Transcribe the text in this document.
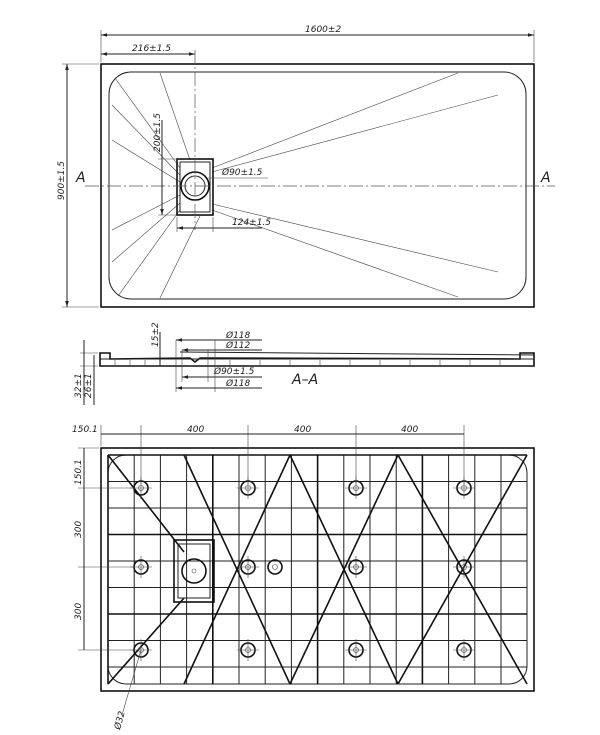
A	A
1600±2
216±1.5
900±1.5
200±1.5
Ø90±1.5
124±1.5
Ø118
Ø112
Ø90±1.5
Ø118
15±2
32±1 26±1	A–A
150.1	400	400	400
150.1
300
300
Ø32
